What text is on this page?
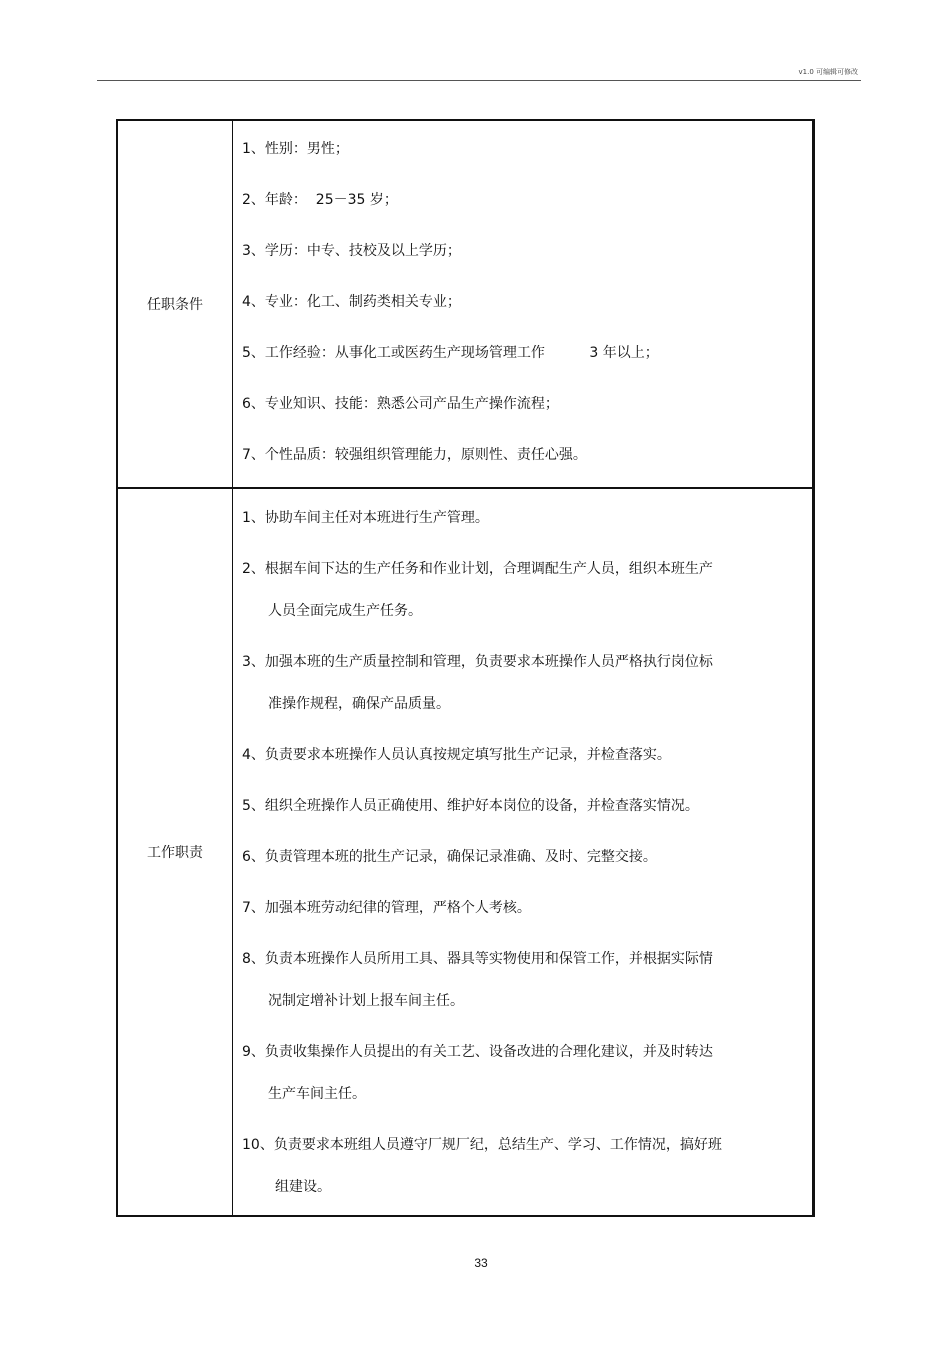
v1.0 可编辑可修改
任职条件
1、性别：男性；
2、年龄：  25－35 岁；
3、学历：中专、技校及以上学历；
4、专业：化工、制药类相关专业；
5、工作经验：从事化工或医药生产现场管理工作          3 年以上；
6、专业知识、技能：熟悉公司产品生产操作流程；
7、个性品质：较强组织管理能力，原则性、责任心强。
工作职责
1、协助车间主任对本班进行生产管理。
2、根据车间下达的生产任务和作业计划，合理调配生产人员，组织本班生产
人员全面完成生产任务。
3、加强本班的生产质量控制和管理，负责要求本班操作人员严格执行岗位标
准操作规程，确保产品质量。
4、负责要求本班操作人员认真按规定填写批生产记录，并检查落实。
5、组织全班操作人员正确使用、维护好本岗位的设备，并检查落实情况。
6、负责管理本班的批生产记录，确保记录准确、及时、完整交接。
7、加强本班劳动纪律的管理，严格个人考核。
8、负责本班操作人员所用工具、器具等实物使用和保管工作，并根据实际情
况制定增补计划上报车间主任。
9、负责收集操作人员提出的有关工艺、设备改进的合理化建议，并及时转达
生产车间主任。
10、负责要求本班组人员遵守厂规厂纪，总结生产、学习、工作情况，搞好班
组建设。
33
